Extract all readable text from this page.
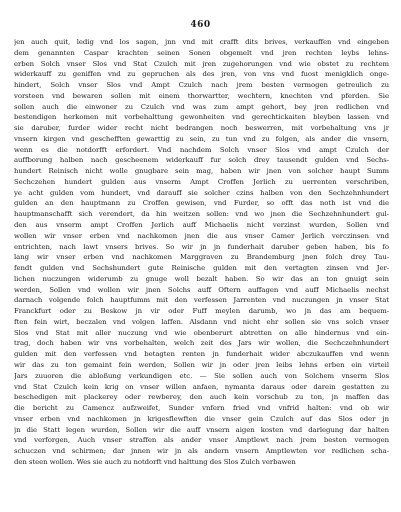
460
jen auch quit, ledig vnd los sagen, jnn vnd mit crafft dits brives, verkauffen vnd eingeben
dem genannten Caspar krachten seinen Sonen obgemelt vnd jren rechten leybs lehns-
erben Solch vnser Slos vnd Stat Czulch mit jren zugehorungen vnd wie obstet zu rechtem
widerkauff zu geniffen vnd zu gepruchen als des jren, von vns vnd fuost menigklich onge-
hindert, Solch vnser Slos vnd Ampt Czulch nach jrem besten vermogen getreulich zu
vorsteen vnd bewaren sollen mit einem thorwartter, wechtern, knechten vnd pferden. Sie
sollen auch die einwoner zu Czulch vnd was zum ampt gehort, bey jren redlichen vnd
bestendigen herkomen mit vorbehalttung gewonheiten vnd gerechtickaiten bleyben lassen vnd
sie daruber, furder wider recht nicht bedrangen noch beswerren, mit vorbehaltung vns jr
vnsern kirgen vnd geschefften gewarttig zu sein, zu tun vnd zu folgen, als ander die vnsern,
wenn es die notdorfft erfordert. Vnd nachdem Solch vnser Slos vnd ampt Czulch der
auffborung halben nach gescheenem widerkauff fur solch drey tausendt gulden vnd Sechs-
hundert Reinisch nicht wolle gnugbare sein mag, haben wir jnen von solcher haupt Summ
Sechczehen hundert gulden aus vnserm Ampt Croffen Jerlich zu uerrenten verschriben,
ye acht gulden vom hundert, vnd darauff sie solcher czins halben von den Sechzehnhundert
gulden an den hauptmann zu Croffen gewisen, vnd Furder, so offt das noth ist vnd die
hauptmanschafft sich verendert, da hin weitzen sollen: vnd wo jnen die Sechzehnhundert gul-
den aus vnserm ampt Croffen Jerlich auff Michaelis nicht verzinst wurden, Sollen vnd
wollen wir vnser erben vnd nachkomen jnen die aus vnser Camer Jerlich verczinsen vnd
entrichten, nach lawt vnsers brives. So wir jn jn funderhait daruber geben haben, bis fo
lang wir vnser erben vnd nachkomen Marggraven zu Brandemburg jnen folch drey Tau-
fendt gulden vnd Sechshundert gute Reinische gulden mit den vertagten zinsen vnd Jer-
lichen nuczungen widerumb zu gnuge woll bezalt haben. So wir das an ton gnuigt sein
werden, Sollen vnd wollen wir jnen Solchs auff Oftern auffagen vnd auff Michaelis nechst
darnach volgende folch hauptfumm mit den verfessen Jarrenten vnd nuczungen jn vnser Stat
Franckfurt oder zu Beskow jn vir oder Fuff meylen darumb, wo jn das am bequem-
ften fein wirt, beczalen vnd volgen laffen. Alsdann vnd nicht ehr sollen sie vns solch vnser
Slos vnd Stat mit aller nuczung vnd wie obenberurt abtretten on alle hindernus vnd ein-
trag, doch haben wir vns vorbehalten, welch zeit des Jars wir wollen, die Sechczehnhundert
gulden mit den verfessen vnd betagten renten jn funderhait wider abczukauffen vnd wenn
wir das zu ton gemaint fein werden, Sollen wir jn oder jren leibs lehns erben ein virteil
Jars zuuoren die abloßung verkundigen etc. — Sie sollen auch von Solchem vnserm Slos
vnd Stat Czulch kein krig on vnser willen anfaen, nymanta daraus oder darein gestatten zu
beschedigen mit plackerey oder rewberey, den auch kein vorschub zu ton, jn maffen das
die bericht zu Camencz aufzweifet, Sunder vnfern fried vnd vnfrid halten: vnd ob wir
vnser erben vnd nachkomen jn krigesflewften die vnser gein Czulch auf das Slos oder jn
jn die Statt legen wurden, Sollen wir die auff vnsern aigen kosten vnd darlegung dar halten
vnd verforgen, Auch vnser straffen als ander vnser Amptlewt nach jrem besten vermogen
schuczen vnd schirmen; dar jnnen wir jn als andern vnsern Amptlewten vor redlichen scha-
den steen wollen. Wes sie auch zu notdorft vnd halttung des Slos Zulch verbawen
